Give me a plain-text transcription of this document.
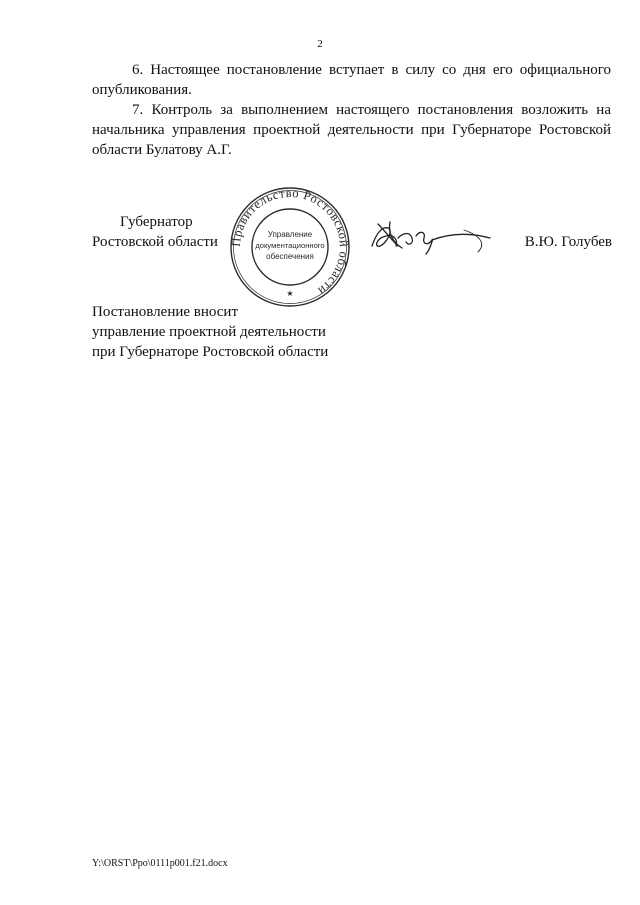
2

6. Настоящее постановление вступает в силу со дня его официального опубликования.

7. Контроль за выполнением настоящего постановления возложить на начальника управления проектной деятельности при Губернаторе Ростовской области Булатову А.Г.

Губернатор
Ростовской области Правительство Ростовской области
Управление
документационного
обеспечения
★
В.Ю. Голубев
Постановление вносит
управление проектной деятельности
при Губернаторе Ростовской области
Y:\ORST\Ppo\0111p001.f21.docx
